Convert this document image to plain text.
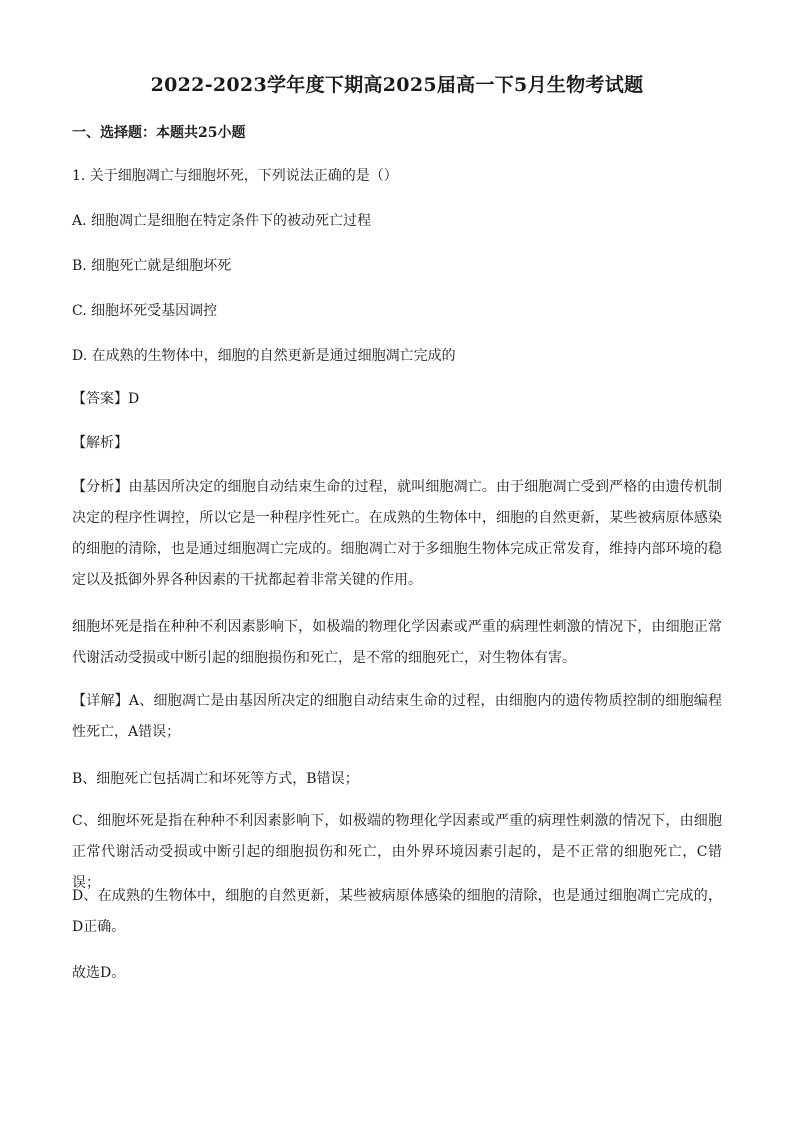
2022-2023学年度下期高2025届高一下5月生物考试题
一、选择题：本题共25小题
1. 关于细胞凋亡与细胞坏死，下列说法正确的是（）
A. 细胞凋亡是细胞在特定条件下的被动死亡过程
B. 细胞死亡就是细胞坏死
C. 细胞坏死受基因调控
D. 在成熟的生物体中，细胞的自然更新是通过细胞凋亡完成的
【答案】D
【解析】
【分析】由基因所决定的细胞自动结束生命的过程，就叫细胞凋亡。由于细胞凋亡受到严格的由遗传机制决定的程序性调控，所以它是一种程序性死亡。在成熟的生物体中，细胞的自然更新，某些被病原体感染的细胞的清除，也是通过细胞凋亡完成的。细胞凋亡对于多细胞生物体完成正常发育，维持内部环境的稳定以及抵御外界各种因素的干扰都起着非常关键的作用。
细胞坏死是指在种种不利因素影响下，如极端的物理化学因素或严重的病理性刺激的情况下，由细胞正常代谢活动受损或中断引起的细胞损伤和死亡，是不常的细胞死亡，对生物体有害。
【详解】A、细胞凋亡是由基因所决定的细胞自动结束生命的过程，由细胞内的遗传物质控制的细胞编程性死亡，A错误；
B、细胞死亡包括凋亡和坏死等方式，B错误；
C、细胞坏死是指在种种不利因素影响下，如极端的物理化学因素或严重的病理性刺激的情况下，由细胞正常代谢活动受损或中断引起的细胞损伤和死亡，由外界环境因素引起的，是不正常的细胞死亡，C错误；
D、在成熟的生物体中，细胞的自然更新，某些被病原体感染的细胞的清除，也是通过细胞凋亡完成的，D正确。
故选D。
